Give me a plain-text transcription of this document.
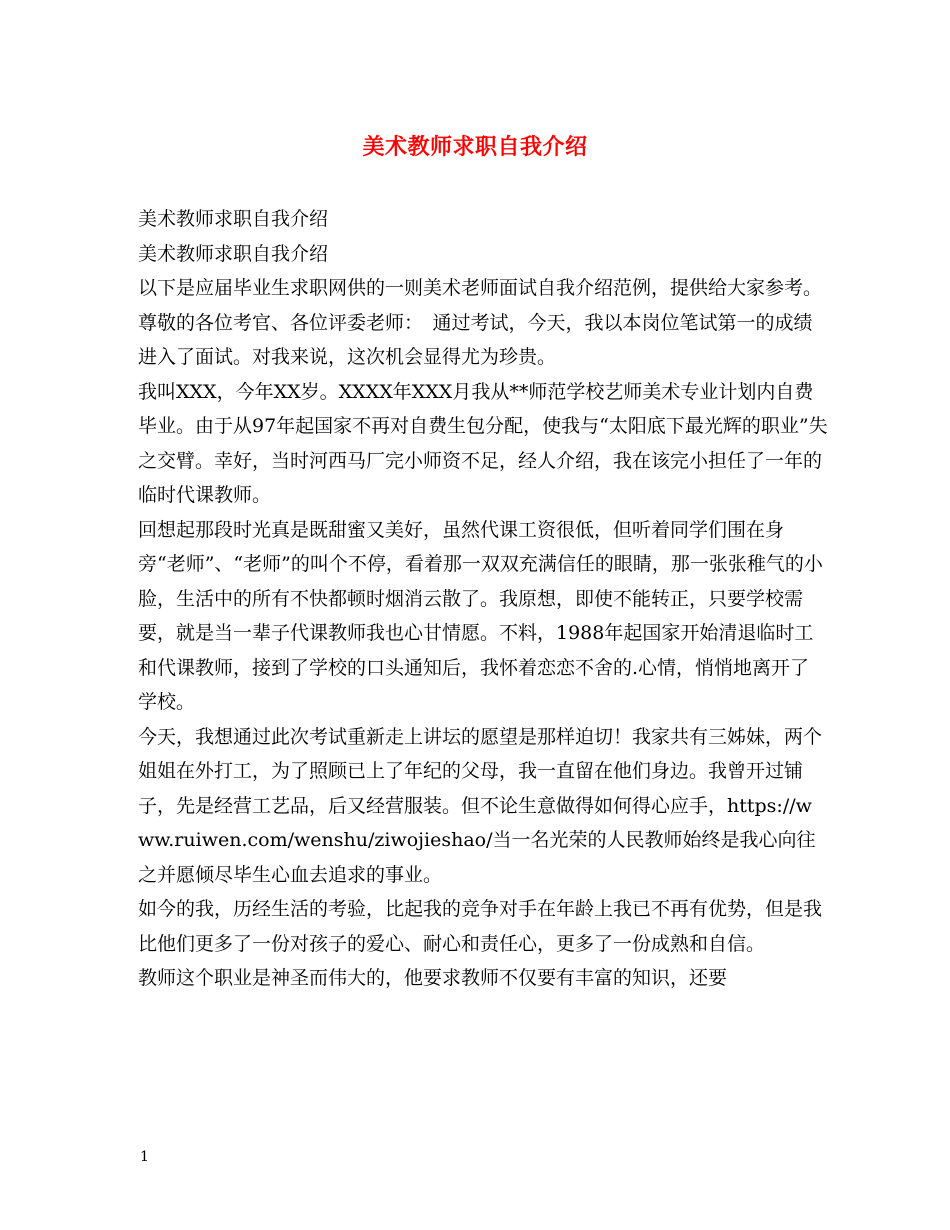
美术教师求职自我介绍

美术教师求职自我介绍

美术教师求职自我介绍

以下是应届毕业生求职网供的一则美术老师面试自我介绍范例，提供给大家参考。

尊敬的各位考官、各位评委老师：　通过考试，今天，我以本岗位笔试第一的成绩进入了面试。对我来说，这次机会显得尤为珍贵。

我叫XXX，今年XX岁。XXXX年XXX月我从**师范学校艺师美术专业计划内自费毕业。由于从97年起国家不再对自费生包分配，使我与“太阳底下最光辉的职业”失之交臂。幸好，当时河西马厂完小师资不足，经人介绍，我在该完小担任了一年的临时代课教师。

回想起那段时光真是既甜蜜又美好，虽然代课工资很低，但听着同学们围在身旁“老师”、“老师”的叫个不停，看着那一双双充满信任的眼睛，那一张张稚气的小脸，生活中的所有不快都顿时烟消云散了。我原想，即使不能转正，只要学校需要，就是当一辈子代课教师我也心甘情愿。不料，1988年起国家开始清退临时工和代课教师，接到了学校的口头通知后，我怀着恋恋不舍的.心情，悄悄地离开了学校。

今天，我想通过此次考试重新走上讲坛的愿望是那样迫切！我家共有三姊妹，两个姐姐在外打工，为了照顾已上了年纪的父母，我一直留在他们身边。我曾开过铺子，先是经营工艺品，后又经营服装。但不论生意做得如何得心应手，https://www.ruiwen.com/wenshu/ziwojieshao/当一名光荣的人民教师始终是我心向往之并愿倾尽毕生心血去追求的事业。

如今的我，历经生活的考验，比起我的竞争对手在年龄上我已不再有优势，但是我比他们更多了一份对孩子的爱心、耐心和责任心，更多了一份成熟和自信。

教师这个职业是神圣而伟大的，他要求教师不仅要有丰富的知识，还要

1
